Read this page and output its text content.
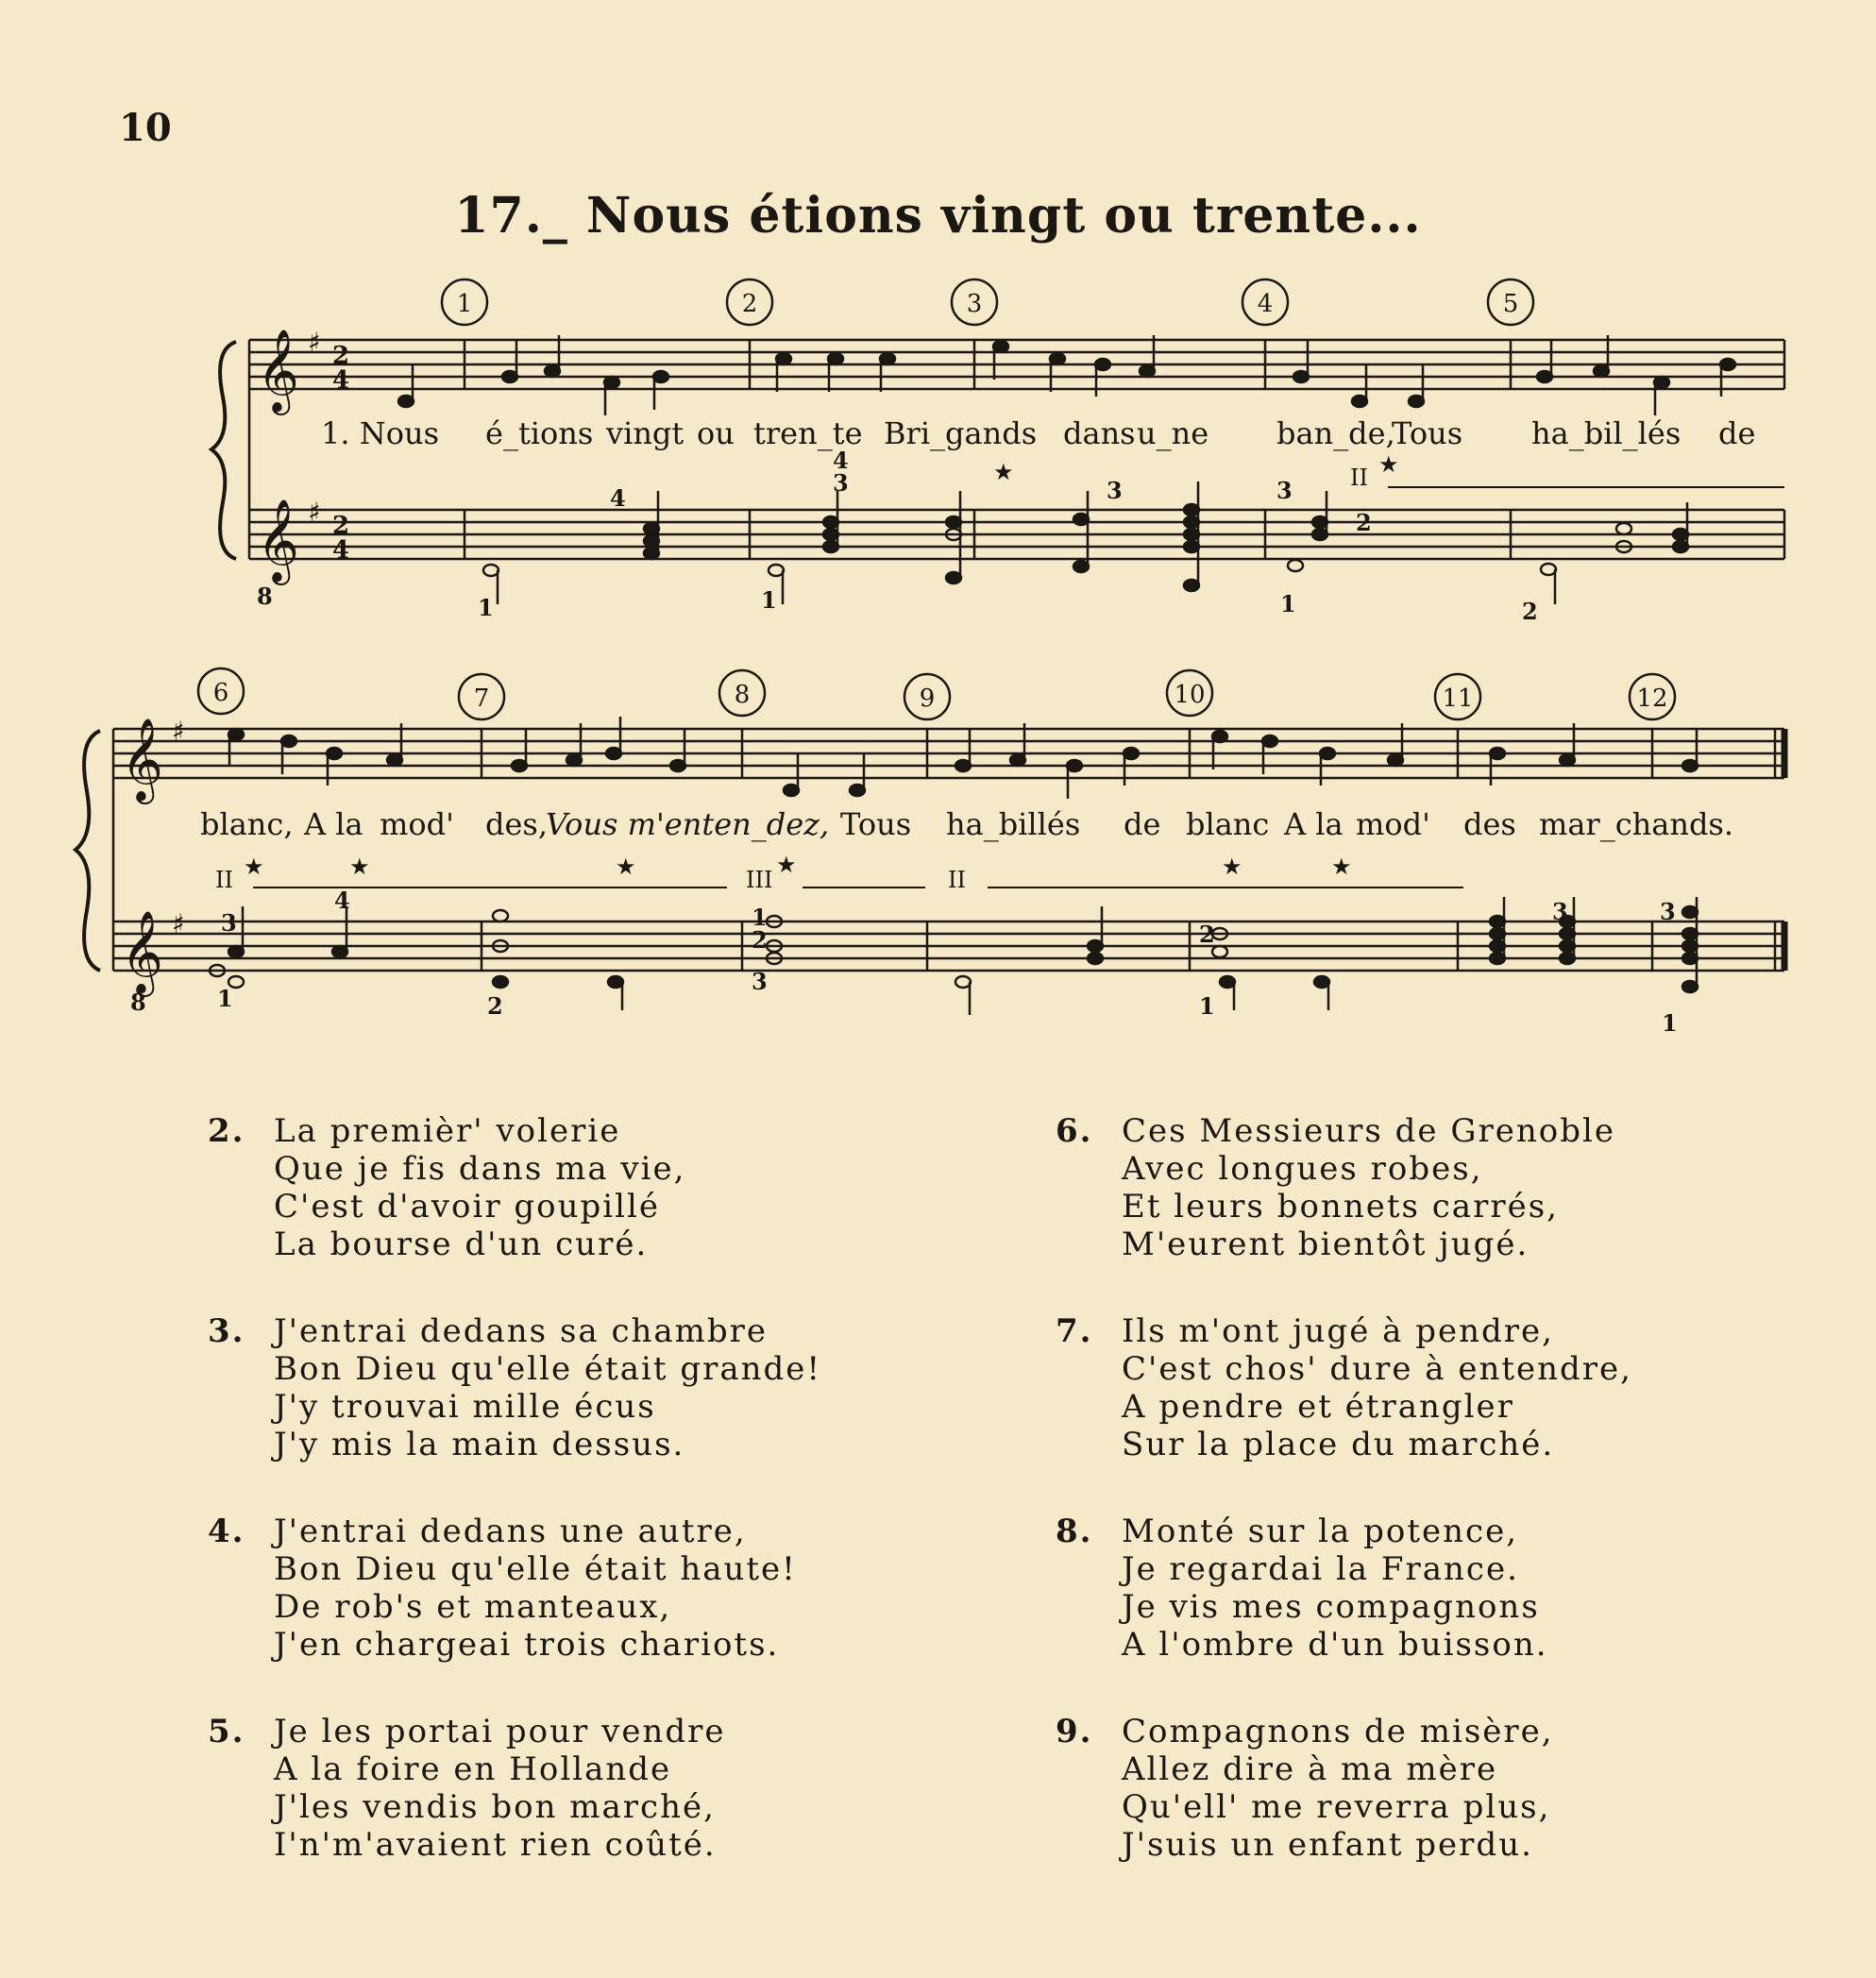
10
17._ Nous étions vingt ou trente...
𝄞
𝄞
𝄞
𝄞
♯
♯
♯
♯
2
4
2
4
1	2	3	4	5
6	7	8	9	10	11	12
1. Nous é_tions vingt ou tren_te Bri_gands dans u_ne ban_de,
Tous ha_bil_lés de
blanc, A la mod' des,
Vous m'enten_dez, Tous ha_billés de blanc A la mod' des mar_chands.
8
8
II
II	III	II
★	★
★	★	★	★	★	★
4
1
4
3
1
3	3
2
1	2
3
4
1	2
1
2
3
2
1
3	3
1
2. La premièr' volerie
Que je fis dans ma vie,
C'est d'avoir goupillé
La bourse d'un curé.
3. J'entrai dedans sa chambre
Bon Dieu qu'elle était grande!
J'y trouvai mille écus
J'y mis la main dessus.
4. J'entrai dedans une autre,
Bon Dieu qu'elle était haute!
De rob's et manteaux,
J'en chargeai trois chariots.
5. Je les portai pour vendre
A la foire en Hollande
J'les vendis bon marché,
I'n'm'avaient rien coûté.
6. Ces Messieurs de Grenoble
Avec longues robes,
Et leurs bonnets carrés,
M'eurent bientôt jugé.
7. Ils m'ont jugé à pendre,
C'est chos' dure à entendre,
A pendre et étrangler
Sur la place du marché.
8. Monté sur la potence,
Je regardai la France.
Je vis mes compagnons
A l'ombre d'un buisson.
9. Compagnons de misère,
Allez dire à ma mère
Qu'ell' me reverra plus,
J'suis un enfant perdu.
